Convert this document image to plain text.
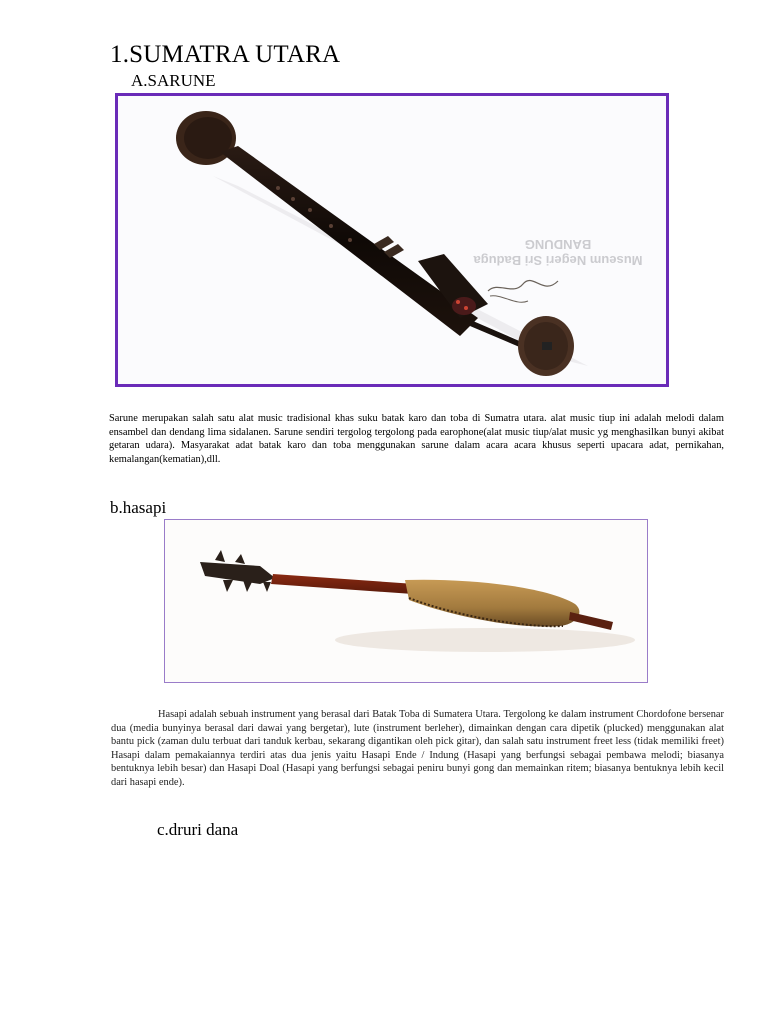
1.SUMATRA UTARA
A.SARUNE
Museum Negeri Sri Baduga
BANDUNG
Sarune merupakan salah satu alat music tradisional khas suku batak karo dan toba di Sumatra utara. alat music tiup ini adalah melodi dalam ensambel dan dendang lima sidalanen. Sarune sendiri tergolog tergolong pada earophone(alat music tiup/alat music yg menghasilkan bunyi akibat getaran udara). Masyarakat adat batak karo dan toba menggunakan sarune dalam acara acara khusus seperti upacara adat, pernikahan, kemalangan(kematian),dll.
b.hasapi
Hasapi adalah sebuah instrument yang berasal dari Batak Toba di Sumatera Utara. Tergolong ke dalam instrument Chordofone bersenar dua (media bunyinya berasal dari dawai yang bergetar), lute (instrument berleher), dimainkan dengan cara dipetik (plucked) menggunakan alat bantu pick (zaman dulu terbuat dari tanduk kerbau, sekarang digantikan oleh pick gitar), dan salah satu instrument freet less (tidak memiliki freet) Hasapi dalam pemakaiannya terdiri atas dua jenis yaitu Hasapi Ende / Indung (Hasapi yang berfungsi sebagai pembawa melodi; biasanya bentuknya lebih besar) dan Hasapi Doal (Hasapi yang berfungsi sebagai peniru bunyi gong dan memainkan ritem; biasanya bentuknya lebih kecil dari hasapi ende).
c.druri dana
